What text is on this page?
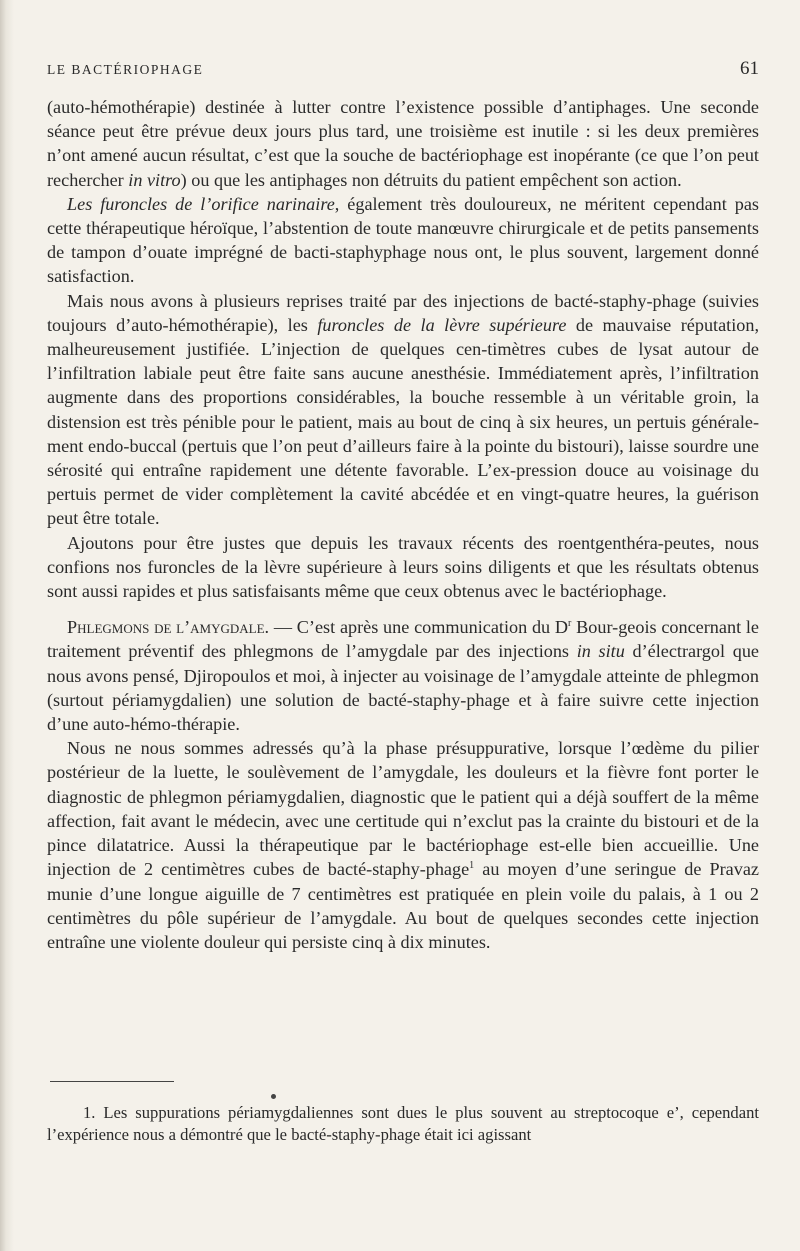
LE BACTÉRIOPHAGE	61

(auto-hémothérapie) destinée à lutter contre l’existence possible d’antiphages. Une seconde séance peut être prévue deux jours plus tard, une troisième est inutile : si les deux premières n’ont amené aucun résultat, c’est que la souche de bactériophage est inopérante (ce que l’on peut rechercher in vitro) ou que les antiphages non détruits du patient empêchent son action.

Les furoncles de l’orifice narinaire, également très douloureux, ne méritent cependant pas cette thérapeutique héroïque, l’abstention de toute manœuvre chirurgicale et de petits pansements de tampon d’ouate imprégné de bacti-staphyphage nous ont, le plus souvent, largement donné satisfaction.

Mais nous avons à plusieurs reprises traité par des injections de bacté-staphy-phage (suivies toujours d’auto-hémothérapie), les furoncles de la lèvre supérieure de mauvaise réputation, malheureusement justifiée. L’injection de quelques cen-timètres cubes de lysat autour de l’infiltration labiale peut être faite sans aucune anesthésie. Immédiatement après, l’infiltration augmente dans des proportions considérables, la bouche ressemble à un véritable groin, la distension est très pénible pour le patient, mais au bout de cinq à six heures, un pertuis générale-ment endo-buccal (pertuis que l’on peut d’ailleurs faire à la pointe du bistouri), laisse sourdre une sérosité qui entraîne rapidement une détente favorable. L’ex-pression douce au voisinage du pertuis permet de vider complètement la cavité abcédée et en vingt-quatre heures, la guérison peut être totale.

Ajoutons pour être justes que depuis les travaux récents des roentgenthéra-peutes, nous confions nos furoncles de la lèvre supérieure à leurs soins diligents et que les résultats obtenus sont aussi rapides et plus satisfaisants même que ceux obtenus avec le bactériophage.

Phlegmons de l’amygdale. — C’est après une communication du $D^r$ Bour-geois concernant le traitement préventif des phlegmons de l’amygdale par des injections in situ d’électrargol que nous avons pensé, Djiropoulos et moi, à injecter au voisinage de l’amygdale atteinte de phlegmon (surtout périamygdalien) une solution de bacté-staphy-phage et à faire suivre cette injection d’une auto-hémo-thérapie.

Nous ne nous sommes adressés qu’à la phase présuppurative, lorsque l’œdème du pilier postérieur de la luette, le soulèvement de l’amygdale, les douleurs et la fièvre font porter le diagnostic de phlegmon périamygdalien, diagnostic que le patient qui a déjà souffert de la même affection, fait avant le médecin, avec une certitude qui n’exclut pas la crainte du bistouri et de la pince dilatatrice. Aussi la thérapeutique par le bactériophage est-elle bien accueillie. Une injection de 2 centimètres cubes de bacté-staphy-phage$^1$ au moyen d’une seringue de Pravaz munie d’une longue aiguille de 7 centimètres est pratiquée en plein voile du palais, à 1 ou 2 centimètres du pôle supérieur de l’amygdale. Au bout de quelques secondes cette injection entraîne une violente douleur qui persiste cinq à dix minutes.

1. Les suppurations périamygdaliennes sont dues le plus souvent au streptocoque e’, cependant l’expérience nous a démontré que le bacté-staphy-phage était ici agissant
